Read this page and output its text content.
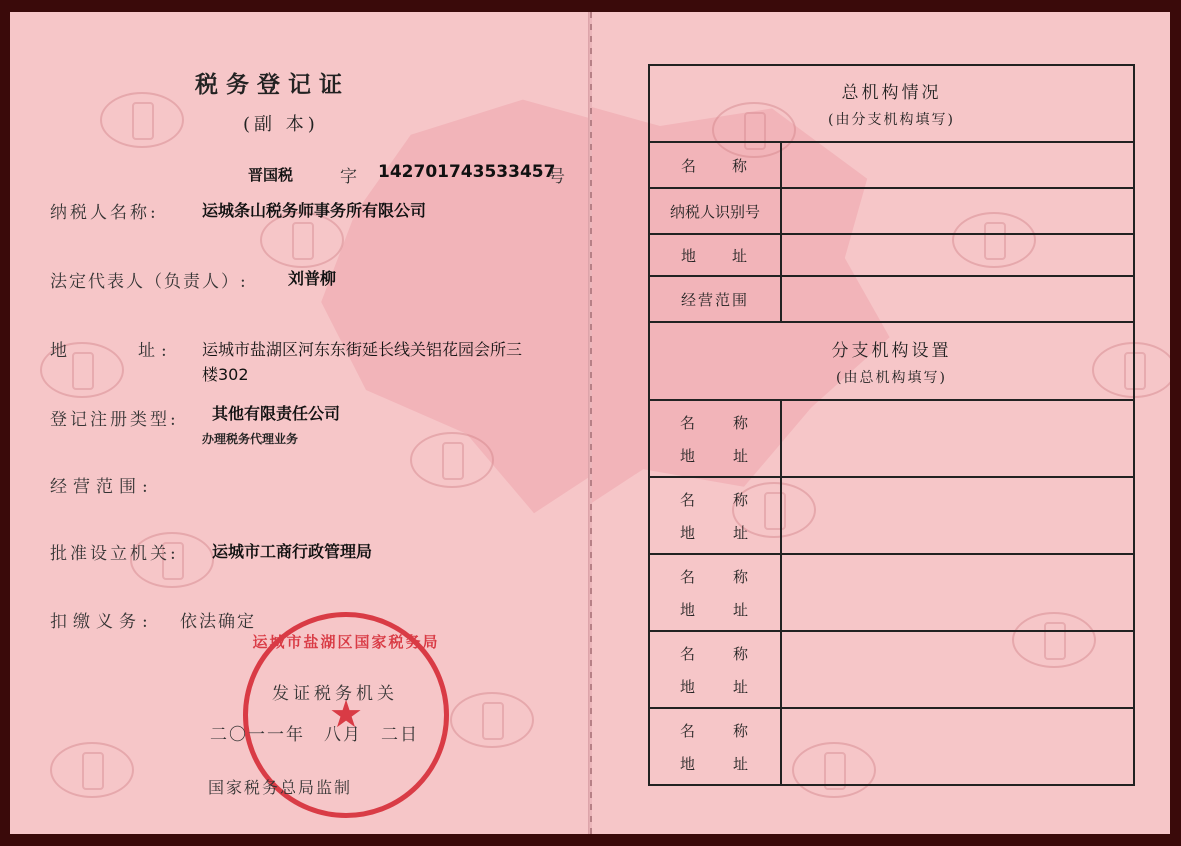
税务登记证
(副 本)
晋国税	字 142701743533457
号
纳税人名称:	运城条山税务师事务所有限公司
法定代表人（负责人）:	刘普柳
地	址: 运城市盐湖区河东东街延长线关铝花园会所三
楼302
登记注册类型: 其他有限责任公司
办理税务代理业务
经营范围:
批准设立机关: 运城市工商行政管理局
扣缴义务: 依法确定
运城市盐湖区国家税务局
★
发证税务机关
二〇一一年　八月　二日
国家税务总局监制
总机构情况
(由分支机构填写)	

名　　称	
纳税人识别号	
地　　址	
经营范围	

分支机构设置
(由总机构填写)	

名 称
地 址	

名 称
地 址	

名 称
地 址	

名 称
地 址	

名 称
地 址	
